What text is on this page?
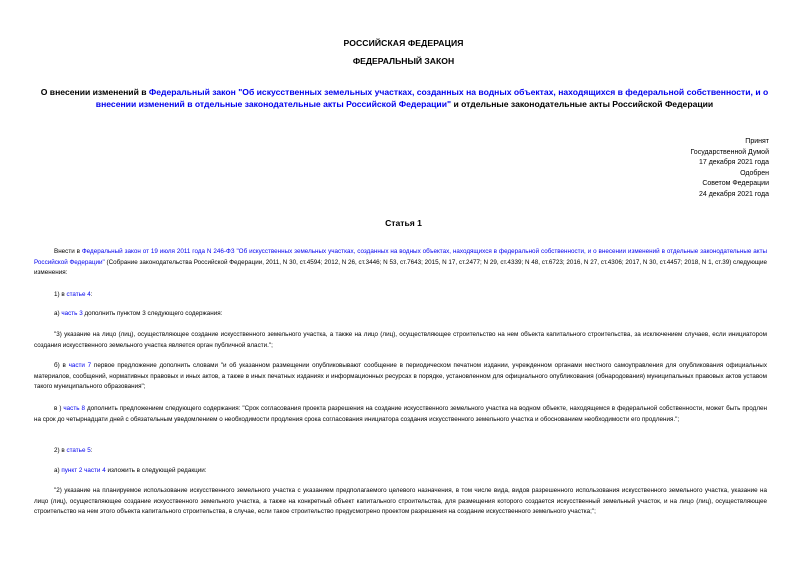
РОССИЙСКАЯ ФЕДЕРАЦИЯ
ФЕДЕРАЛЬНЫЙ ЗАКОН
О внесении изменений в Федеральный закон "Об искусственных земельных участках, созданных на водных объектах, находящихся в федеральной собственности, и о внесении изменений в отдельные законодательные акты Российской Федерации" и отдельные законодательные акты Российской Федерации
Принят
Государственной Думой
17 декабря 2021 года
Одобрен
Советом Федерации
24 декабря 2021 года
Статья 1
Внести в Федеральный закон от 19 июля 2011 года N 246-ФЗ "Об искусственных земельных участках, созданных на водных объектах, находящихся в федеральной собственности, и о внесении изменений в отдельные законодательные акты Российской Федерации" (Собрание законодательства Российской Федерации, 2011, N 30, ст.4594; 2012, N 26, ст.3446; N 53, ст.7643; 2015, N 17, ст.2477; N 29, ст.4339; N 48, ст.6723; 2016, N 27, ст.4306; 2017, N 30, ст.4457; 2018, N 1, ст.39) следующие изменения:
1) в статье 4:
а) часть 3 дополнить пунктом 3 следующего содержания:
"3) указание на лицо (лиц), осуществляющее создание искусственного земельного участка, а также на лицо (лиц), осуществляющее строительство на нем объекта капитального строительства, за исключением случаев, если инициатором создания искусственного земельного участка является орган публичной власти.";
б) в части 7 первое предложение дополнить словами "и об указанном размещении опубликовывают сообщение в периодическом печатном издании, учрежденном органами местного самоуправления для опубликования официальных материалов, сообщений, нормативных правовых и иных актов, а также в иных печатных изданиях и информационных ресурсах в порядке, установленном для официального опубликования (обнародования) муниципальных правовых актов уставом такого муниципального образования";
в ) часть 8 дополнить предложением следующего содержания: "Срок согласования проекта разрешения на создание искусственного земельного участка на водном объекте, находящемся в федеральной собственности, может быть продлен на срок до четырнадцати дней с обязательным уведомлением о необходимости продления срока согласования инициатора создания искусственного земельного участка и обоснованием необходимости его продления.";
2) в статье 5:
а) пункт 2 части 4 изложить в следующей редакции:
"2) указание на планируемое использование искусственного земельного участка с указанием предполагаемого целевого назначения, в том числе вида, видов разрешенного использования искусственного земельного участка, указание на лицо (лиц), осуществляющее создание искусственного земельного участка, а также на конкретный объект капитального строительства, для размещения которого создается искусственный земельный участок, и на лицо (лиц), осуществляющее строительство на нем этого объекта капитального строительства, в случае, если такое строительство предусмотрено проектом разрешения на создание искусственного земельного участка;";
